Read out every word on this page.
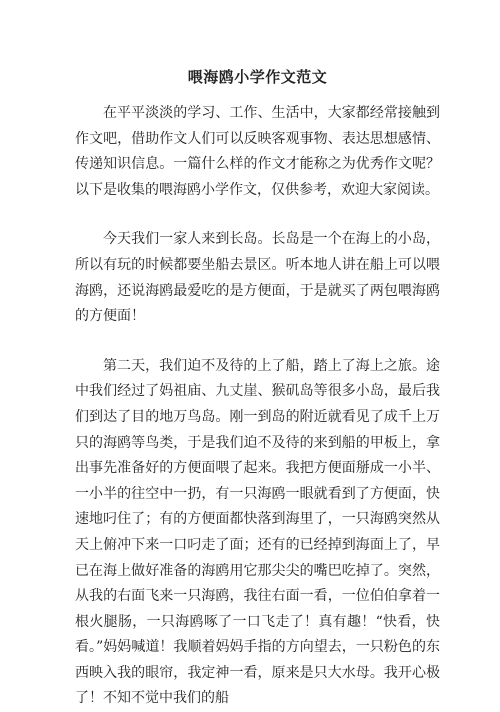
喂海鸥小学作文范文

在平平淡淡的学习、工作、生活中，大家都经常接触到作文吧，借助作文人们可以反映客观事物、表达思想感情、传递知识信息。一篇什么样的作文才能称之为优秀作文呢？以下是收集的喂海鸥小学作文，仅供参考，欢迎大家阅读。

今天我们一家人来到长岛。长岛是一个在海上的小岛，所以有玩的时候都要坐船去景区。听本地人讲在船上可以喂海鸥，还说海鸥最爱吃的是方便面，于是就买了两包喂海鸥的方便面！

第二天，我们迫不及待的上了船，踏上了海上之旅。途中我们经过了妈祖庙、九丈崖、猴矶岛等很多小岛，最后我们到达了目的地万鸟岛。刚一到岛的附近就看见了成千上万只的海鸥等鸟类，于是我们迫不及待的来到船的甲板上，拿出事先准备好的方便面喂了起来。我把方便面掰成一小半、一小半的往空中一扔，有一只海鸥一眼就看到了方便面，快速地叼住了；有的方便面都快落到海里了，一只海鸥突然从天上俯冲下来一口叼走了面；还有的已经掉到海面上了，早已在海上做好准备的海鸥用它那尖尖的嘴巴吃掉了。突然，从我的右面飞来一只海鸥，我往右面一看，一位伯伯拿着一根火腿肠，一只海鸥啄了一口飞走了！真有趣！“快看，快看。”妈妈喊道！我顺着妈妈手指的方向望去，一只粉色的东西映入我的眼帘，我定神一看，原来是只大水母。我开心极了！不知不觉中我们的船
